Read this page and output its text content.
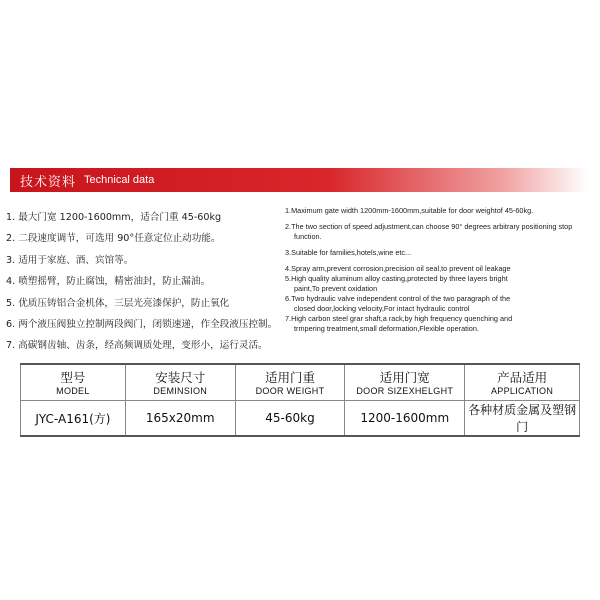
技术资料 Technical data
1. 最大门宽 1200-1600mm，适合门重 45-60kg
2. 二段速度调节，可选用 90°任意定位止动功能。
3. 适用于家庭、酒、宾馆等。
4. 喷塑摇臂，防止腐蚀，精密油封，防止漏油。
5. 优质压铸铝合金机体，三层光亮漆保护，防止氧化
6. 两个液压阀独立控制两段阀门，闭锁速递，作全段液压控制。
7. 高碳钢齿轴、齿条，经高频调质处理，变形小，运行灵活。
1.Maximum gate width 1200mm-1600mm,suitable for door weightof 45-60kg.
2.The two section of speed adjustment,can choose 90° degrees arbitrary positioning stop
function.
3.Suitable for families,hotels,wine etc...
4.Spray arm,prevent corrosion,precision oil seal,to prevent oil leakage
5.High quality aluminum alloy casting,protected by three layers bright
paint,To prevent oxidation
6.Two hydraulic valve independent control of the two paragraph of the
closed door,locking velocity,For intact hydraulic control
7.High carbon steel grar shaft,a rack,by high frequency quenching and
trmpering treatment,small deformation,Flexible operation.
型号
MODEL	安装尺寸
DEMINSION	适用门重
DOOR WEIGHT	适用门宽
DOOR SIZEXHELGHT	产品适用
APPLICATION

JYC-A161(方)	165x20mm	45-60kg	1200-1600mm	各种材质金属及塑钢门
